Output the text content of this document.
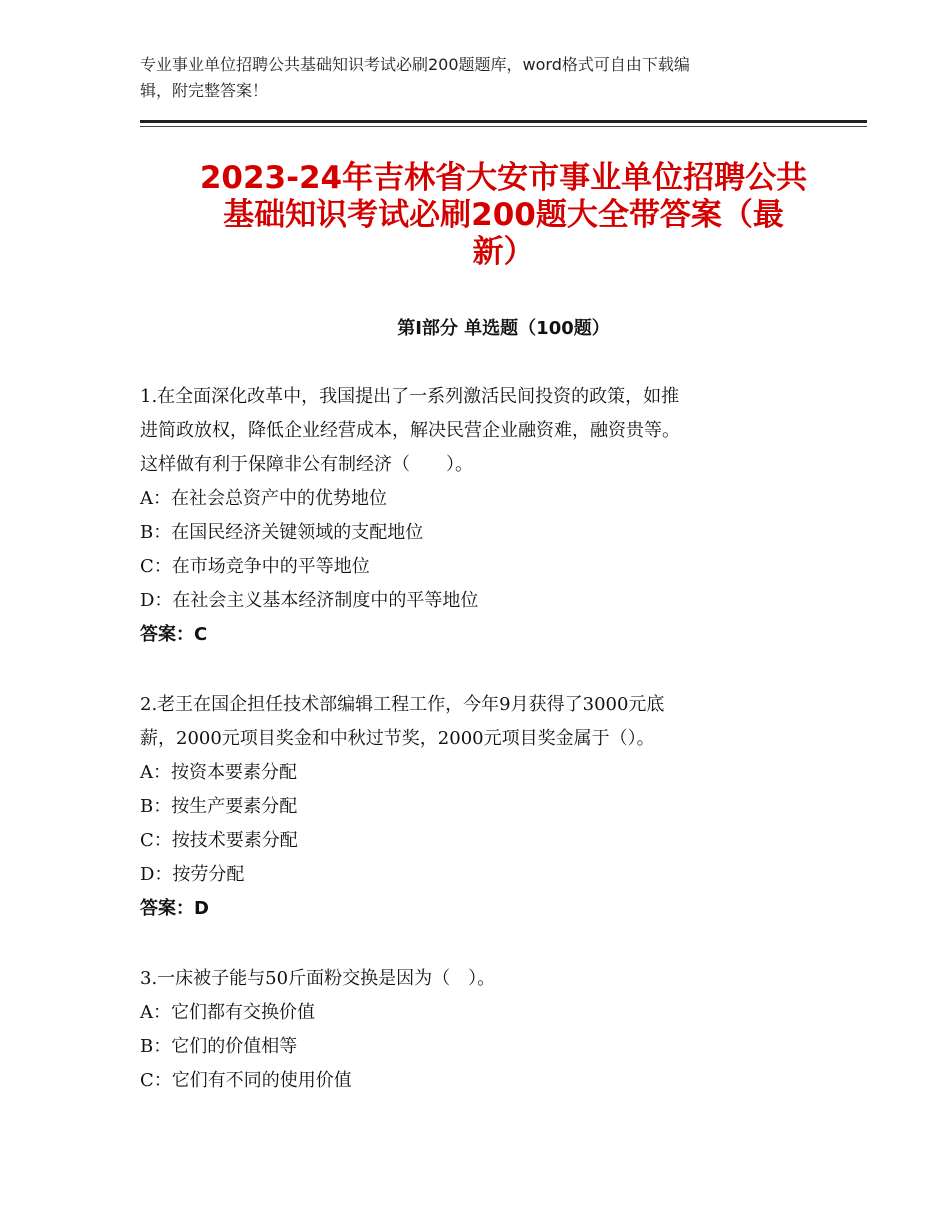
专业事业单位招聘公共基础知识考试必刷200题题库，word格式可自由下载编
辑，附完整答案！
2023-24年吉林省大安市事业单位招聘公共
基础知识考试必刷200题大全带答案（最
新）
第Ⅰ部分 单选题（100题）
1.在全面深化改革中，我国提出了一系列激活民间投资的政策，如推
进简政放权，降低企业经营成本，解决民营企业融资难，融资贵等。
这样做有利于保障非公有制经济（　　）。
A：在社会总资产中的优势地位
B：在国民经济关键领域的支配地位
C：在市场竞争中的平等地位
D：在社会主义基本经济制度中的平等地位
答案：C
2.老王在国企担任技术部编辑工程工作，今年9月获得了3000元底
薪，2000元项目奖金和中秋过节奖，2000元项目奖金属于（）。
A：按资本要素分配
B：按生产要素分配
C：按技术要素分配
D：按劳分配
答案：D
3.一床被子能与50斤面粉交换是因为（　）。
A：它们都有交换价值
B：它们的价值相等
C：它们有不同的使用价值
